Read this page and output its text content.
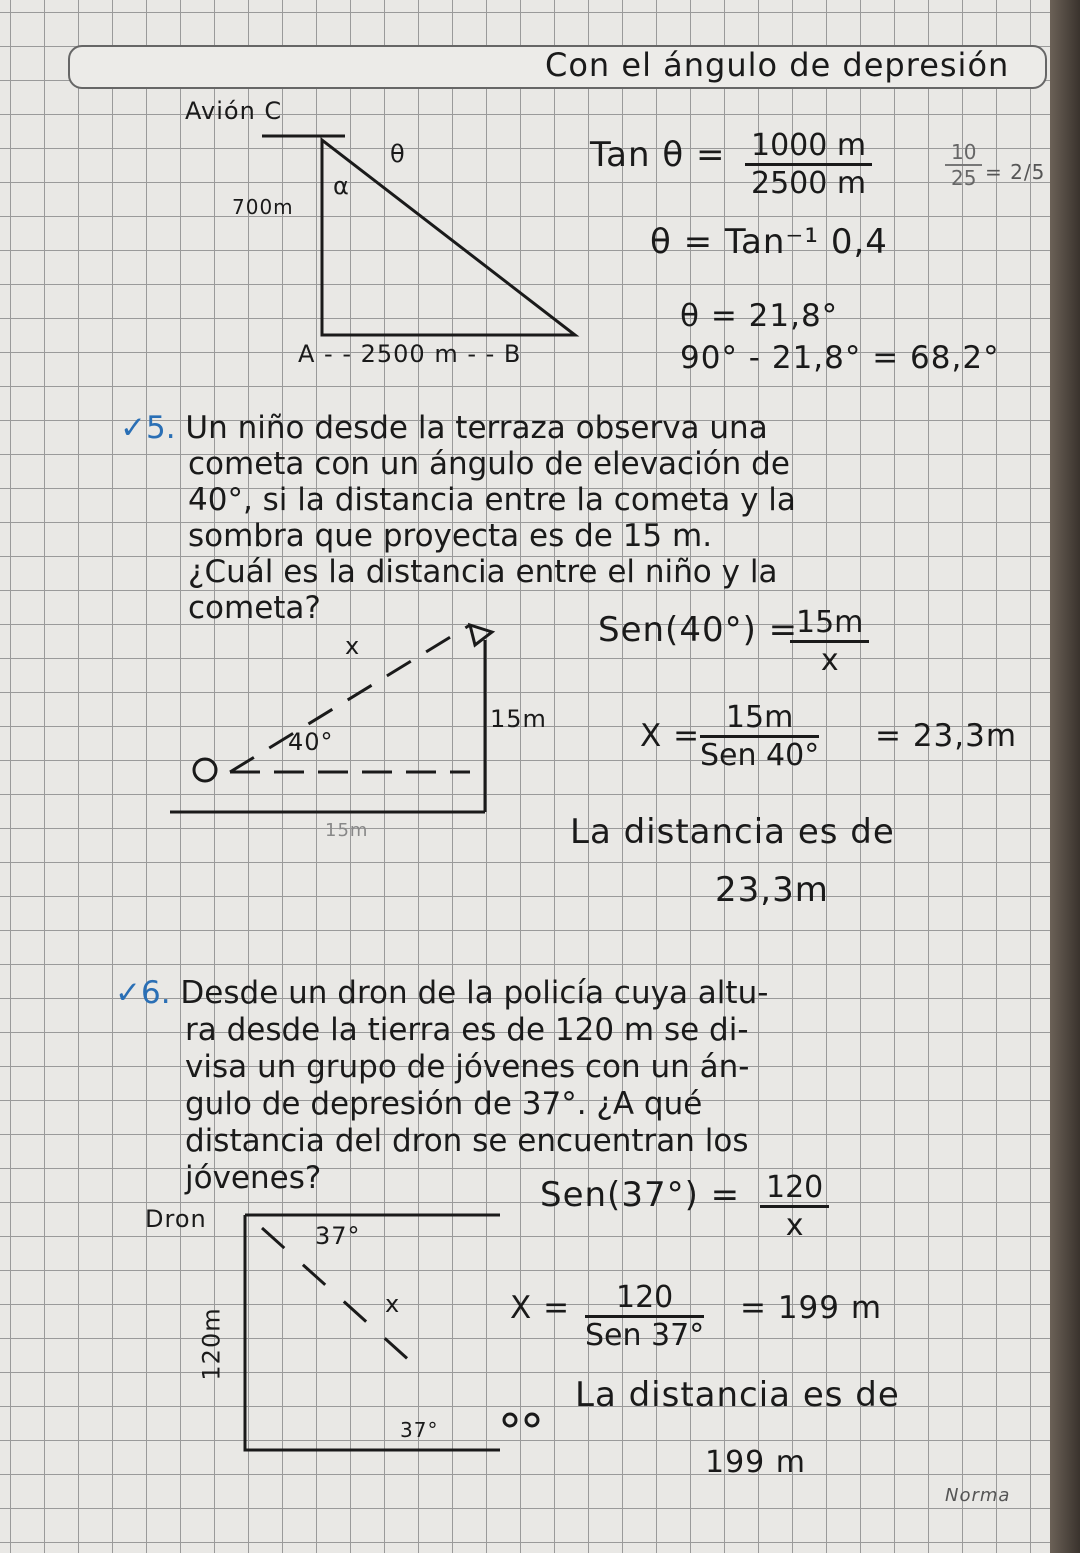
Con el ángulo de depresión
Avión C
700m
α
θ
A - - 2500 m - - B
Tan $\theta = \frac{1000 m}{2500 m}$	$\frac{10}{25} = 2/5$
θ = Tan⁻¹ 0,4
θ = 21,8°
90° - 21,8° = 68,2°
✓5. Un niño desde la terraza observa una

cometa con un ángulo de elevación de
40°, si la distancia entre la cometa y la
sombra que proyecta es de 15 m.
¿Cuál es la distancia entre el niño y la
cometa?
x
40°
15m
15m
Sen(40°) =
$\frac{15m}{x}$
X =
15m
Sen 40°
= 23,3m
La distancia es de
23,3m
✓6. Desde un dron de la policía cuya altu-

ra desde la tierra es de 120 m se di-
visa un grupo de jóvenes con un án-
gulo de depresión de 37°. ¿A qué
distancia del dron se encuentran los
jóvenes?
Dron
37°
x
120m
37°
$Sen(37^\circ) = \frac{120}{x}$
X =	120
Sen 37°
= 199 m
La distancia es de
199 m
Norma
